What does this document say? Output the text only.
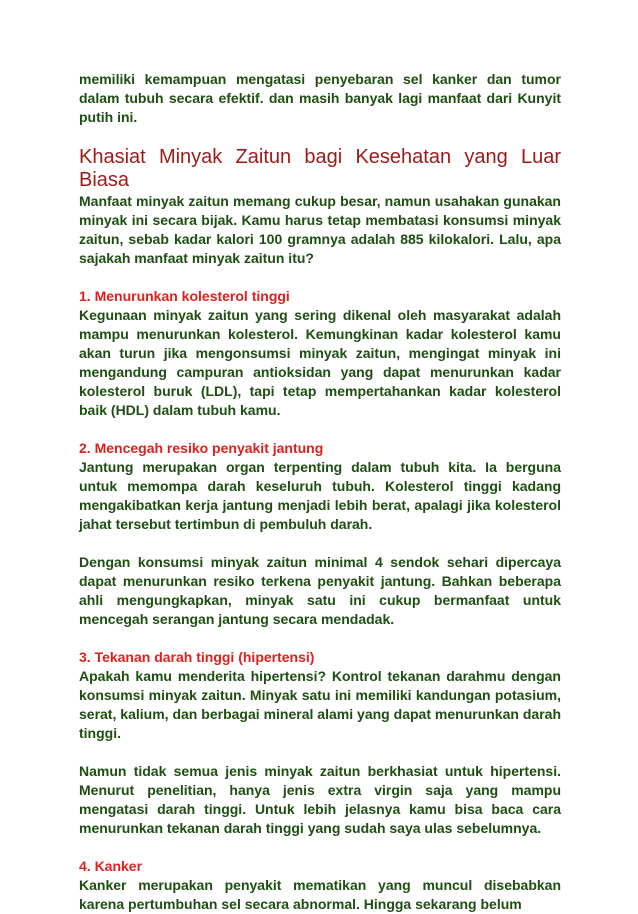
memiliki kemampuan mengatasi penyebaran sel kanker dan tumor dalam tubuh secara efektif. dan masih banyak lagi manfaat dari Kunyit putih ini.

Khasiat Minyak Zaitun bagi Kesehatan yang Luar Biasa

Manfaat minyak zaitun memang cukup besar, namun usahakan gunakan minyak ini secara bijak. Kamu harus tetap membatasi konsumsi minyak zaitun, sebab kadar kalori 100 gramnya adalah 885 kilokalori. Lalu, apa sajakah manfaat minyak zaitun itu?

1. Menurunkan kolesterol tinggi

Kegunaan minyak zaitun yang sering dikenal oleh masyarakat adalah mampu menurunkan kolesterol. Kemungkinan kadar kolesterol kamu akan turun jika mengonsumsi minyak zaitun, mengingat minyak ini mengandung campuran antioksidan yang dapat menurunkan kadar kolesterol buruk (LDL), tapi tetap mempertahankan kadar kolesterol baik (HDL) dalam tubuh kamu.

2. Mencegah resiko penyakit jantung

Jantung merupakan organ terpenting dalam tubuh kita. Ia berguna untuk memompa darah keseluruh tubuh. Kolesterol tinggi kadang mengakibatkan kerja jantung menjadi lebih berat, apalagi jika kolesterol jahat tersebut tertimbun di pembuluh darah.

Dengan konsumsi minyak zaitun minimal 4 sendok sehari dipercaya dapat menurunkan resiko terkena penyakit jantung. Bahkan beberapa ahli mengungkapkan, minyak satu ini cukup bermanfaat untuk mencegah serangan jantung secara mendadak.

3. Tekanan darah tinggi (hipertensi)

Apakah kamu menderita hipertensi? Kontrol tekanan darahmu dengan konsumsi minyak zaitun. Minyak satu ini memiliki kandungan potasium, serat, kalium, dan berbagai mineral alami yang dapat menurunkan darah tinggi.

Namun tidak semua jenis minyak zaitun berkhasiat untuk hipertensi. Menurut penelitian, hanya jenis extra virgin saja yang mampu mengatasi darah tinggi. Untuk lebih jelasnya kamu bisa baca cara menurunkan tekanan darah tinggi yang sudah saya ulas sebelumnya.

4. Kanker

Kanker merupakan penyakit mematikan yang muncul disebabkan karena pertumbuhan sel secara abnormal. Hingga sekarang belum
